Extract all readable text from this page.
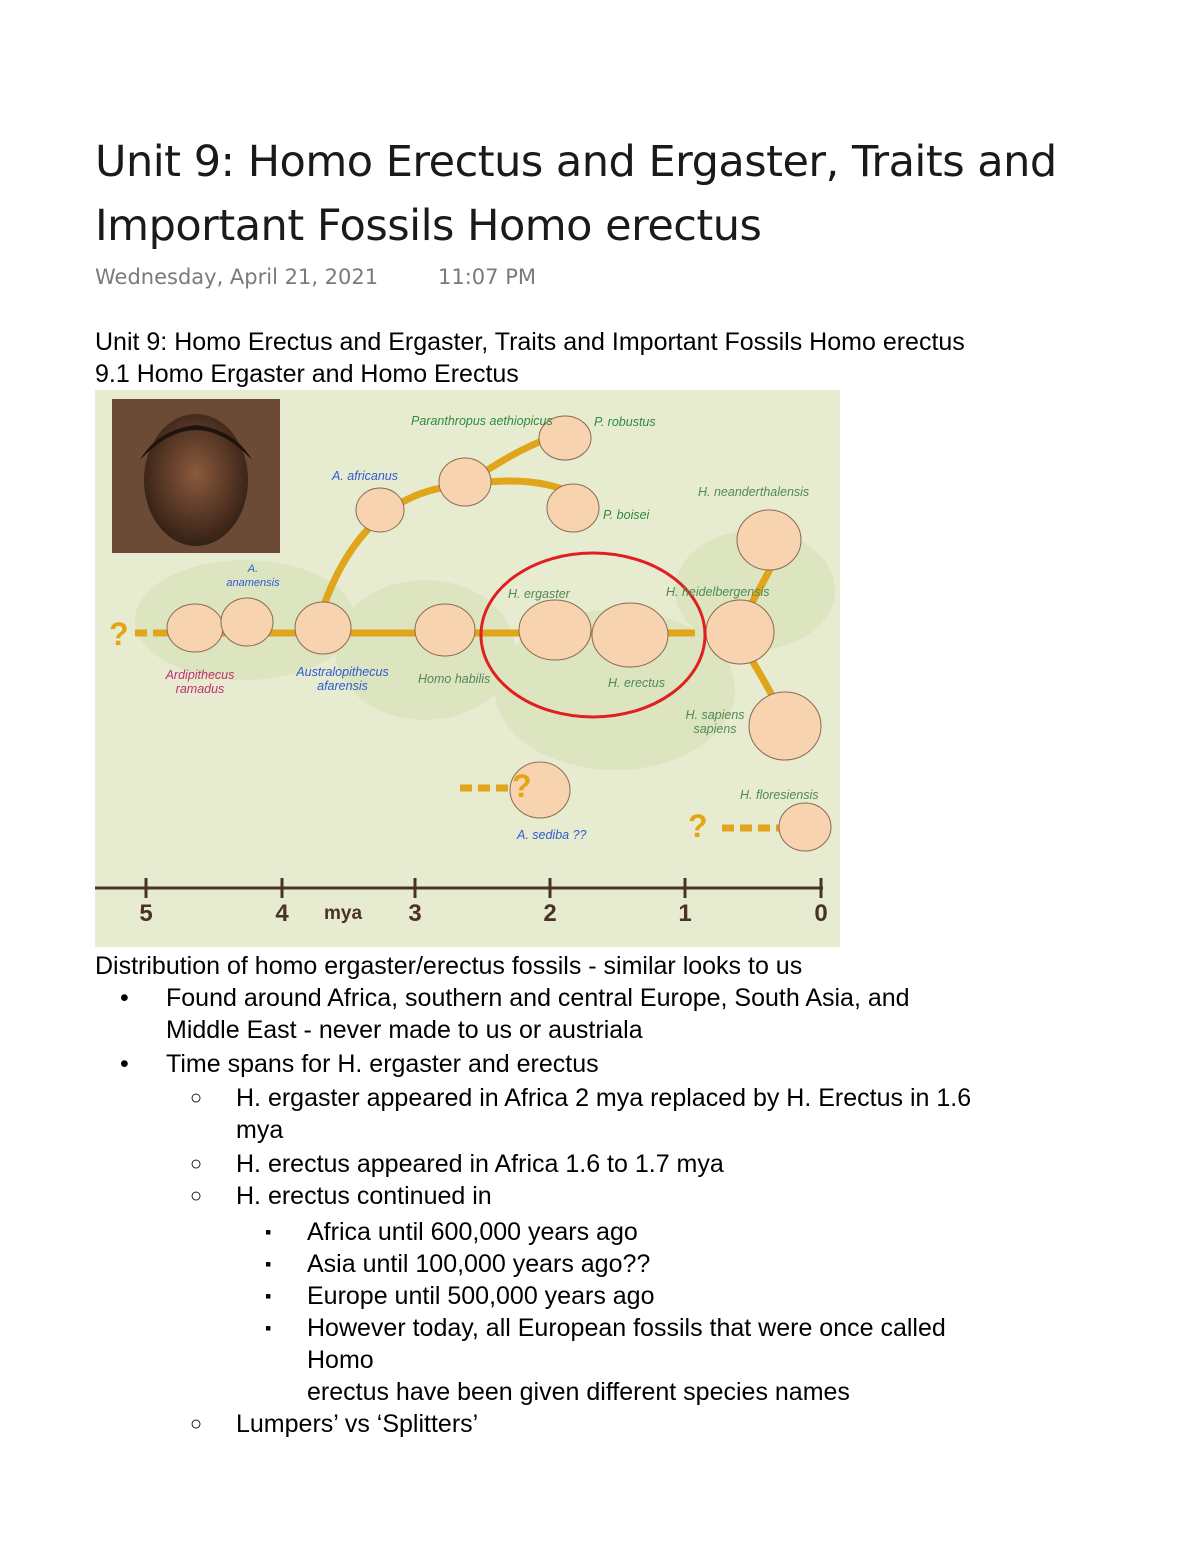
Unit 9: Homo Erectus and Ergaster, Traits and Important Fossils Homo erectus
Wednesday, April 21, 2021	11:07 PM
Unit 9: Homo Erectus and Ergaster, Traits and Important Fossils Homo erectus
9.1 Homo Ergaster and Homo Erectus
Paranthropus aethiopicus	P. robustus
A. africanus
P. boisei
H. neanderthalensis
A. anamensis
H. ergaster	H. heidelbergensis
Ardipithecus ramadus
Australopithecus afarensis	Homo habilis	H. erectus
H. sapiens sapiens
H. floresiensis
A. sediba ??
?
?
?
5	4 mya 3	2	1	0
Distribution of homo ergaster/erectus fossils - similar looks to us
• Found around Africa, southern and central Europe, South Asia, and
Middle East - never made to us or austriala
• Time spans for H. ergaster and erectus
○ H. ergaster appeared in Africa 2 mya replaced by H. Erectus in 1.6
mya
○ H. erectus appeared in Africa 1.6 to 1.7 mya
○ H. erectus continued in
▪ Africa until 600,000 years ago
▪ Asia until 100,000 years ago??
▪ Europe until 500,000 years ago
▪ However today, all European fossils that were once called
Homo
erectus have been given different species names
○ Lumpers’ vs ‘Splitters’
